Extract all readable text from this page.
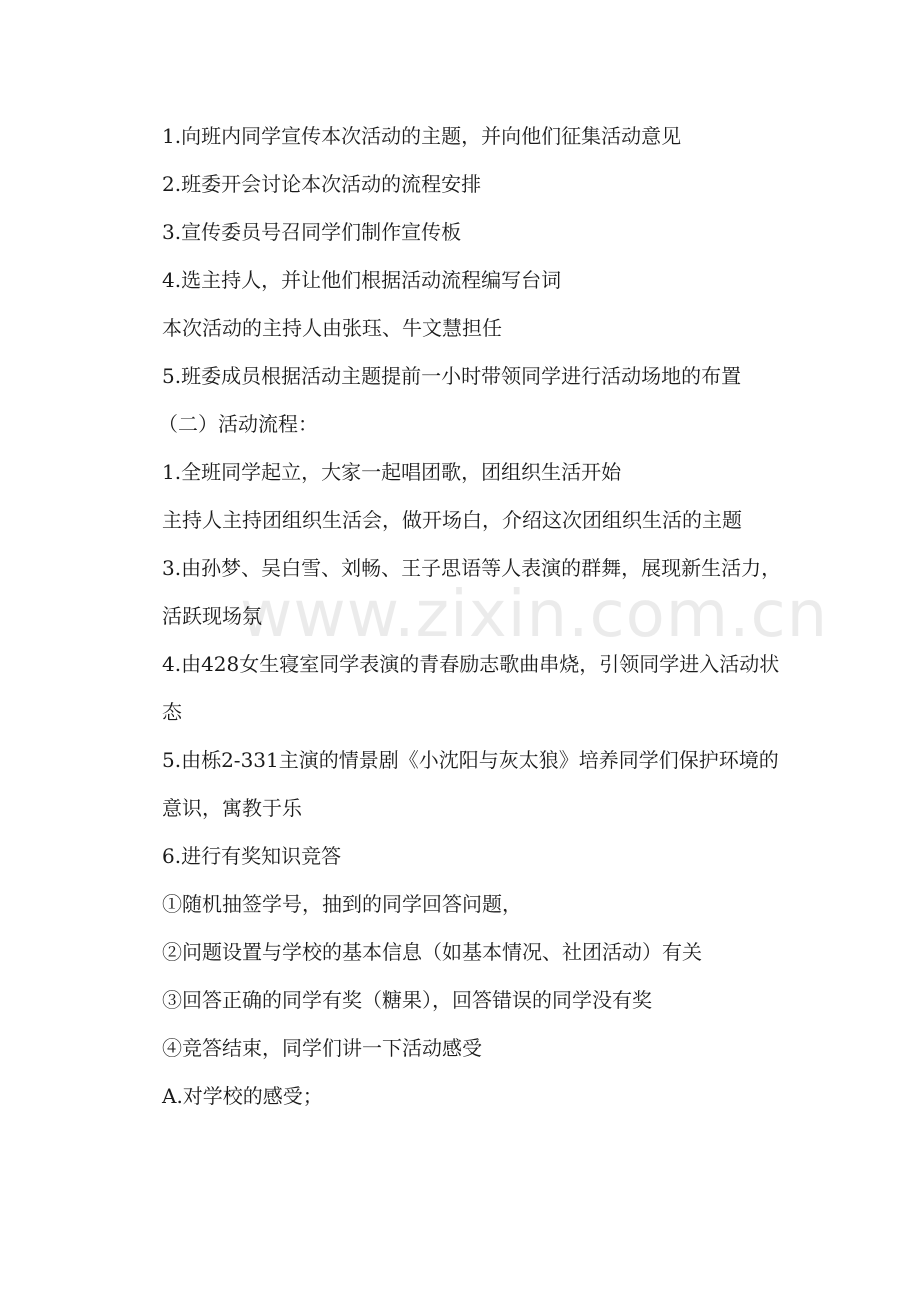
1.向班内同学宣传本次活动的主题，并向他们征集活动意见

2.班委开会讨论本次活动的流程安排

3.宣传委员号召同学们制作宣传板

4.选主持人，并让他们根据活动流程编写台词

本次活动的主持人由张珏、牛文慧担任

5.班委成员根据活动主题提前一小时带领同学进行活动场地的布置

（二）活动流程：

1.全班同学起立，大家一起唱团歌，团组织生活开始

主持人主持团组织生活会，做开场白，介绍这次团组织生活的主题

3.由孙梦、吴白雪、刘畅、王子思语等人表演的群舞，展现新生活力，活跃现场氛

4.由428女生寝室同学表演的青春励志歌曲串烧，引领同学进入活动状态

5.由栎2-331主演的情景剧《小沈阳与灰太狼》培养同学们保护环境的意识，寓教于乐

6.进行有奖知识竞答

①随机抽签学号，抽到的同学回答问题，

②问题设置与学校的基本信息（如基本情况、社团活动）有关

③回答正确的同学有奖（糖果），回答错误的同学没有奖

④竞答结束，同学们讲一下活动感受

A.对学校的感受；

www.zixin.com.cn
